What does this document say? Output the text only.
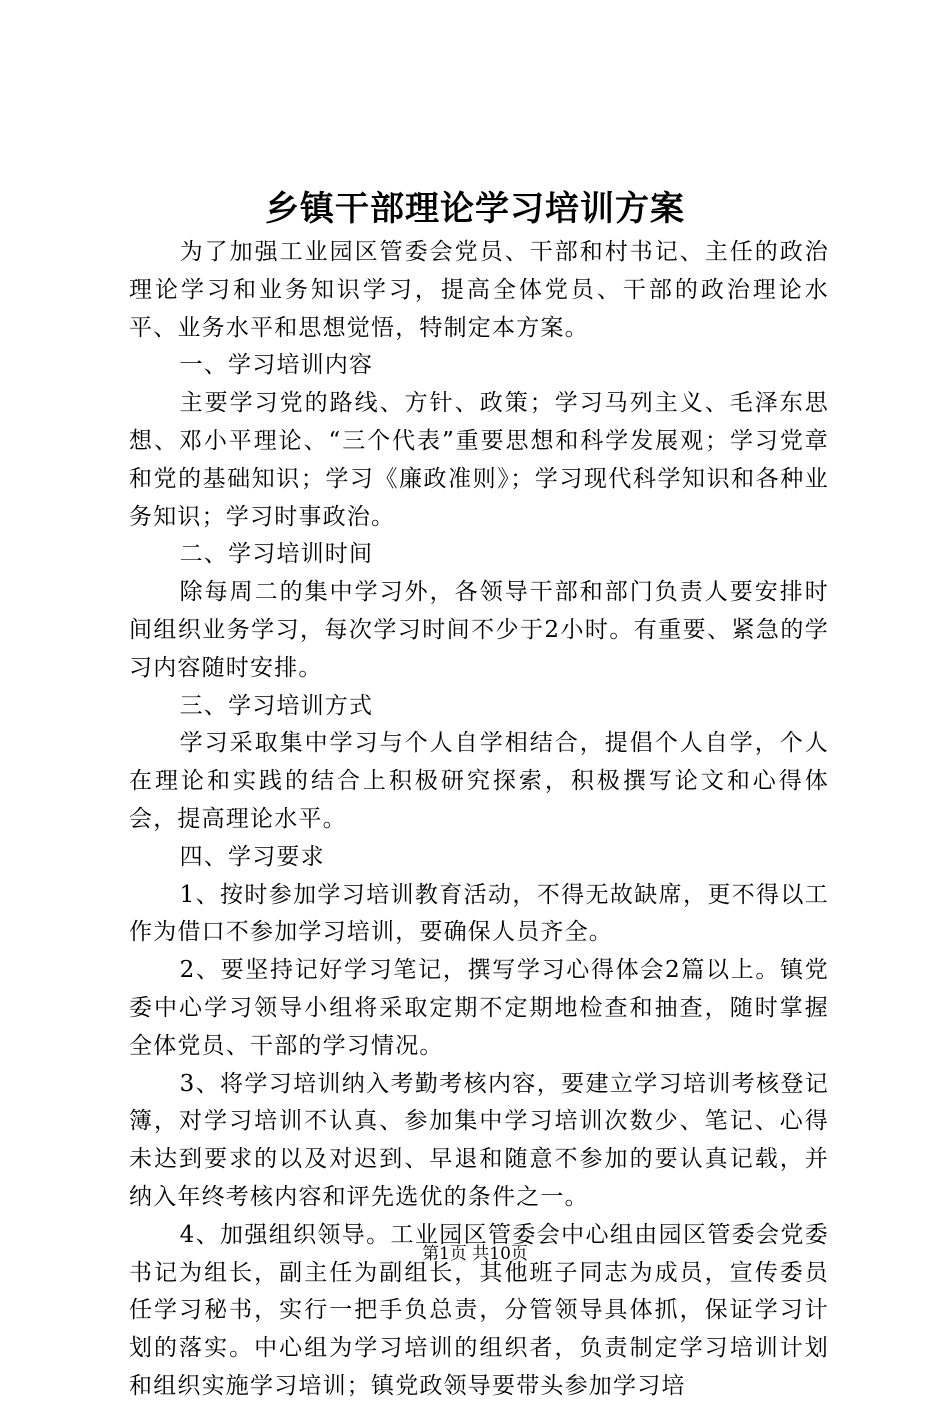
乡镇干部理论学习培训方案

为了加强工业园区管委会党员、干部和村书记、主任的政治理论学习和业务知识学习，提高全体党员、干部的政治理论水平、业务水平和思想觉悟，特制定本方案。

一、学习培训内容

主要学习党的路线、方针、政策；学习马列主义、毛泽东思想、邓小平理论、“三个代表”重要思想和科学发展观；学习党章和党的基础知识；学习《廉政准则》；学习现代科学知识和各种业务知识；学习时事政治。

二、学习培训时间

除每周二的集中学习外，各领导干部和部门负责人要安排时间组织业务学习，每次学习时间不少于2小时。有重要、紧急的学习内容随时安排。

三、学习培训方式

学习采取集中学习与个人自学相结合，提倡个人自学，个人在理论和实践的结合上积极研究探索，积极撰写论文和心得体会，提高理论水平。

四、学习要求

1、按时参加学习培训教育活动，不得无故缺席，更不得以工作为借口不参加学习培训，要确保人员齐全。

2、要坚持记好学习笔记，撰写学习心得体会2篇以上。镇党委中心学习领导小组将采取定期不定期地检查和抽查，随时掌握全体党员、干部的学习情况。

3、将学习培训纳入考勤考核内容，要建立学习培训考核登记簿，对学习培训不认真、参加集中学习培训次数少、笔记、心得未达到要求的以及对迟到、早退和随意不参加的要认真记载，并纳入年终考核内容和评先选优的条件之一。

4、加强组织领导。工业园区管委会中心组由园区管委会党委书记为组长，副主任为副组长，其他班子同志为成员，宣传委员任学习秘书，实行一把手负总责，分管领导具体抓，保证学习计划的落实。中心组为学习培训的组织者，负责制定学习培训计划和组织实施学习培训；镇党政领导要带头参加学习培

第1页 共10页
